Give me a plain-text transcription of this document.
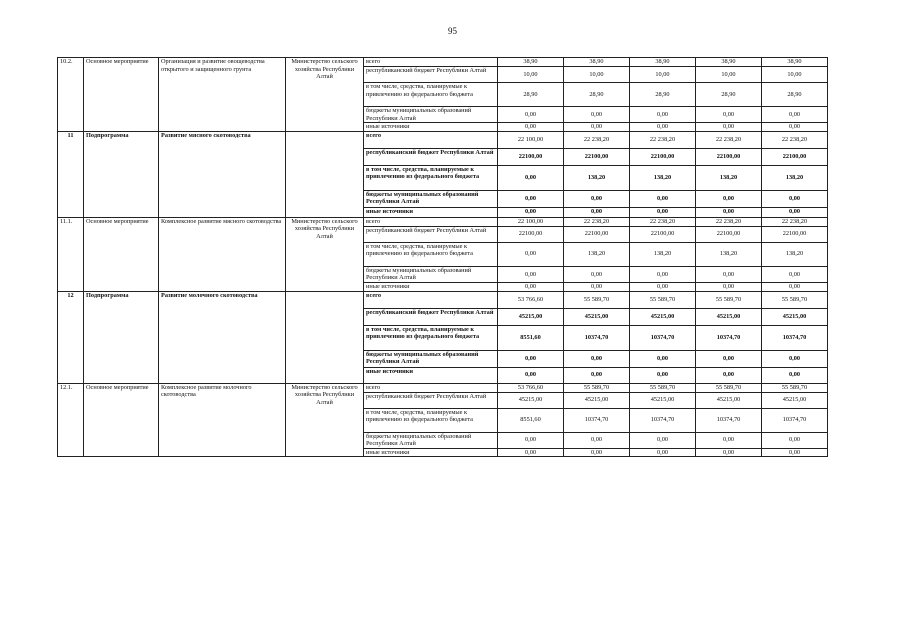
95
10.2.	Основное мероприятие	Организация и развитие овощеводства открытого и защищенного грунта	Министерство сельского хозяйства Республики Алтай	всего	38,90	38,90	38,90	38,90	38,90
				республиканский бюджет Республики Алтай	10,00	10,00	10,00	10,00	10,00
				в том числе, средства, планируемые к привлечению из федерального бюджета	28,90	28,90	28,90	28,90	28,90
				бюджеты муниципальных образований Республики Алтай	0,00	0,00	0,00	0,00	0,00
				иные источники	0,00	0,00	0,00	0,00	0,00
11	Подпрограмма	Развитие мясного скотоводства		всего	22 100,00	22 238,20	22 238,20	22 238,20	22 238,20
				республиканский бюджет Республики Алтай	22100,00	22100,00	22100,00	22100,00	22100,00
				в том числе, средства, планируемые к привлечению из федерального бюджета	0,00	138,20	138,20	138,20	138,20
				бюджеты муниципальных образований Республики Алтай	0,00	0,00	0,00	0,00	0,00
				иные источники	0,00	0,00	0,00	0,00	0,00
11.1.	Основное мероприятие	Комплексное развитие мясного скотоводства	Министерство сельского хозяйства Республики Алтай	всего	22 100,00	22 238,20	22 238,20	22 238,20	22 238,20
				республиканский бюджет Республики Алтай	22100,00	22100,00	22100,00	22100,00	22100,00
				в том числе, средства, планируемые к привлечению из федерального бюджета	0,00	138,20	138,20	138,20	138,20
				бюджеты муниципальных образований Республики Алтай	0,00	0,00	0,00	0,00	0,00
				иные источники	0,00	0,00	0,00	0,00	0,00
12	Подпрограмма	Развитие молочного скотоводства		всего	53 766,60	55 589,70	55 589,70	55 589,70	55 589,70
				республиканский бюджет Республики Алтай	45215,00	45215,00	45215,00	45215,00	45215,00
				в том числе, средства, планируемые к привлечению из федерального бюджета	8551,60	10374,70	10374,70	10374,70	10374,70
				бюджеты муниципальных образований Республики Алтай	0,00	0,00	0,00	0,00	0,00
				иные источники	0,00	0,00	0,00	0,00	0,00
12.1.	Основное мероприятие	Комплексное развитие молочного скотоводства	Министерство сельского хозяйства Республики Алтай	всего	53 766,60	55 589,70	55 589,70	55 589,70	55 589,70
				республиканский бюджет Республики Алтай	45215,00	45215,00	45215,00	45215,00	45215,00
				в том числе, средства, планируемые к привлечению из федерального бюджета	8551,60	10374,70	10374,70	10374,70	10374,70
				бюджеты муниципальных образований Республики Алтай	0,00	0,00	0,00	0,00	0,00
				иные источники	0,00	0,00	0,00	0,00	0,00
